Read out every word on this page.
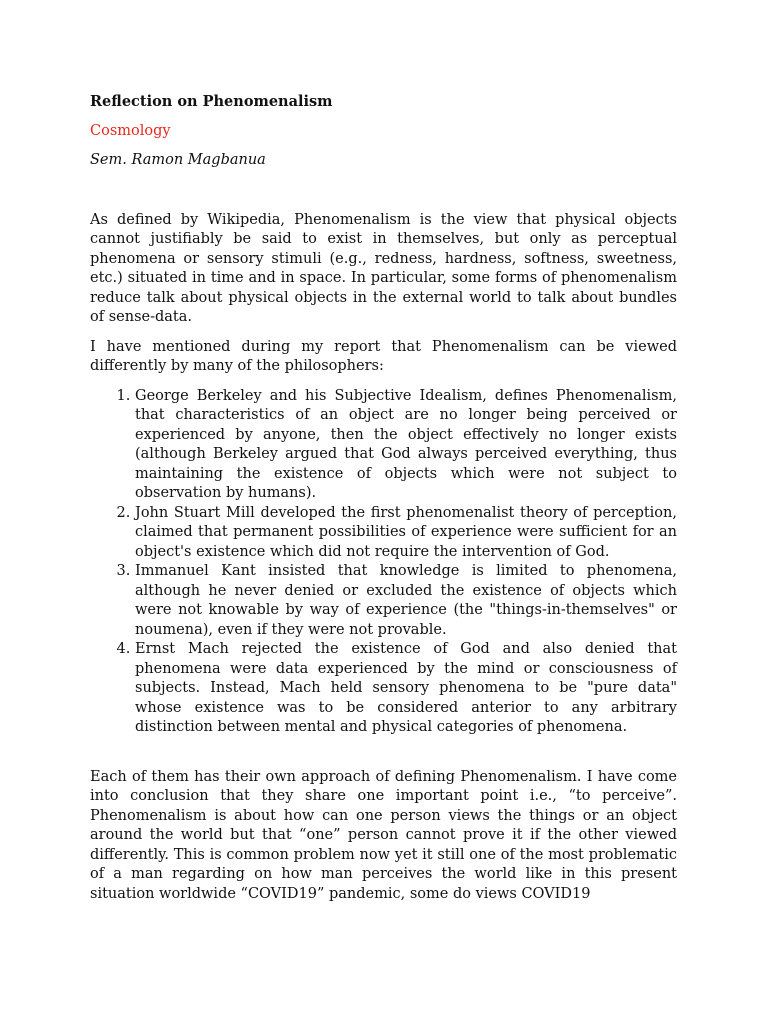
Reflection on Phenomenalism
Cosmology
Sem. Ramon Magbanua

As defined by Wikipedia, Phenomenalism is the view that physical objects cannot justifiably be said to exist in themselves, but only as perceptual phenomena or sensory stimuli (e.g., redness, hardness, softness, sweetness, etc.) situated in time and in space. In particular, some forms of phenomenalism reduce talk about physical objects in the external world to talk about bundles of sense-data.

I have mentioned during my report that Phenomenalism can be viewed differently by many of the philosophers:

1. George Berkeley and his Subjective Idealism, defines Phenomenalism, that characteristics of an object are no longer being perceived or experienced by anyone, then the object effectively no longer exists (although Berkeley argued that God always perceived everything, thus maintaining the existence of objects which were not subject to observation by humans).
2. John Stuart Mill developed the first phenomenalist theory of perception, claimed that permanent possibilities of experience were sufficient for an object's existence which did not require the intervention of God.
3. Immanuel Kant insisted that knowledge is limited to phenomena, although he never denied or excluded the existence of objects which were not knowable by way of experience (the "things-in-themselves" or noumena), even if they were not provable.
4. Ernst Mach rejected the existence of God and also denied that phenomena were data experienced by the mind or consciousness of subjects. Instead, Mach held sensory phenomena to be "pure data" whose existence was to be considered anterior to any arbitrary distinction between mental and physical categories of phenomena.

Each of them has their own approach of defining Phenomenalism. I have come into conclusion that they share one important point i.e., “to perceive”. Phenomenalism is about how can one person views the things or an object around the world but that “one” person cannot prove it if the other viewed differently. This is common problem now yet it still one of the most problematic of a man regarding on how man perceives the world like in this present situation worldwide “COVID19” pandemic, some do views COVID19
